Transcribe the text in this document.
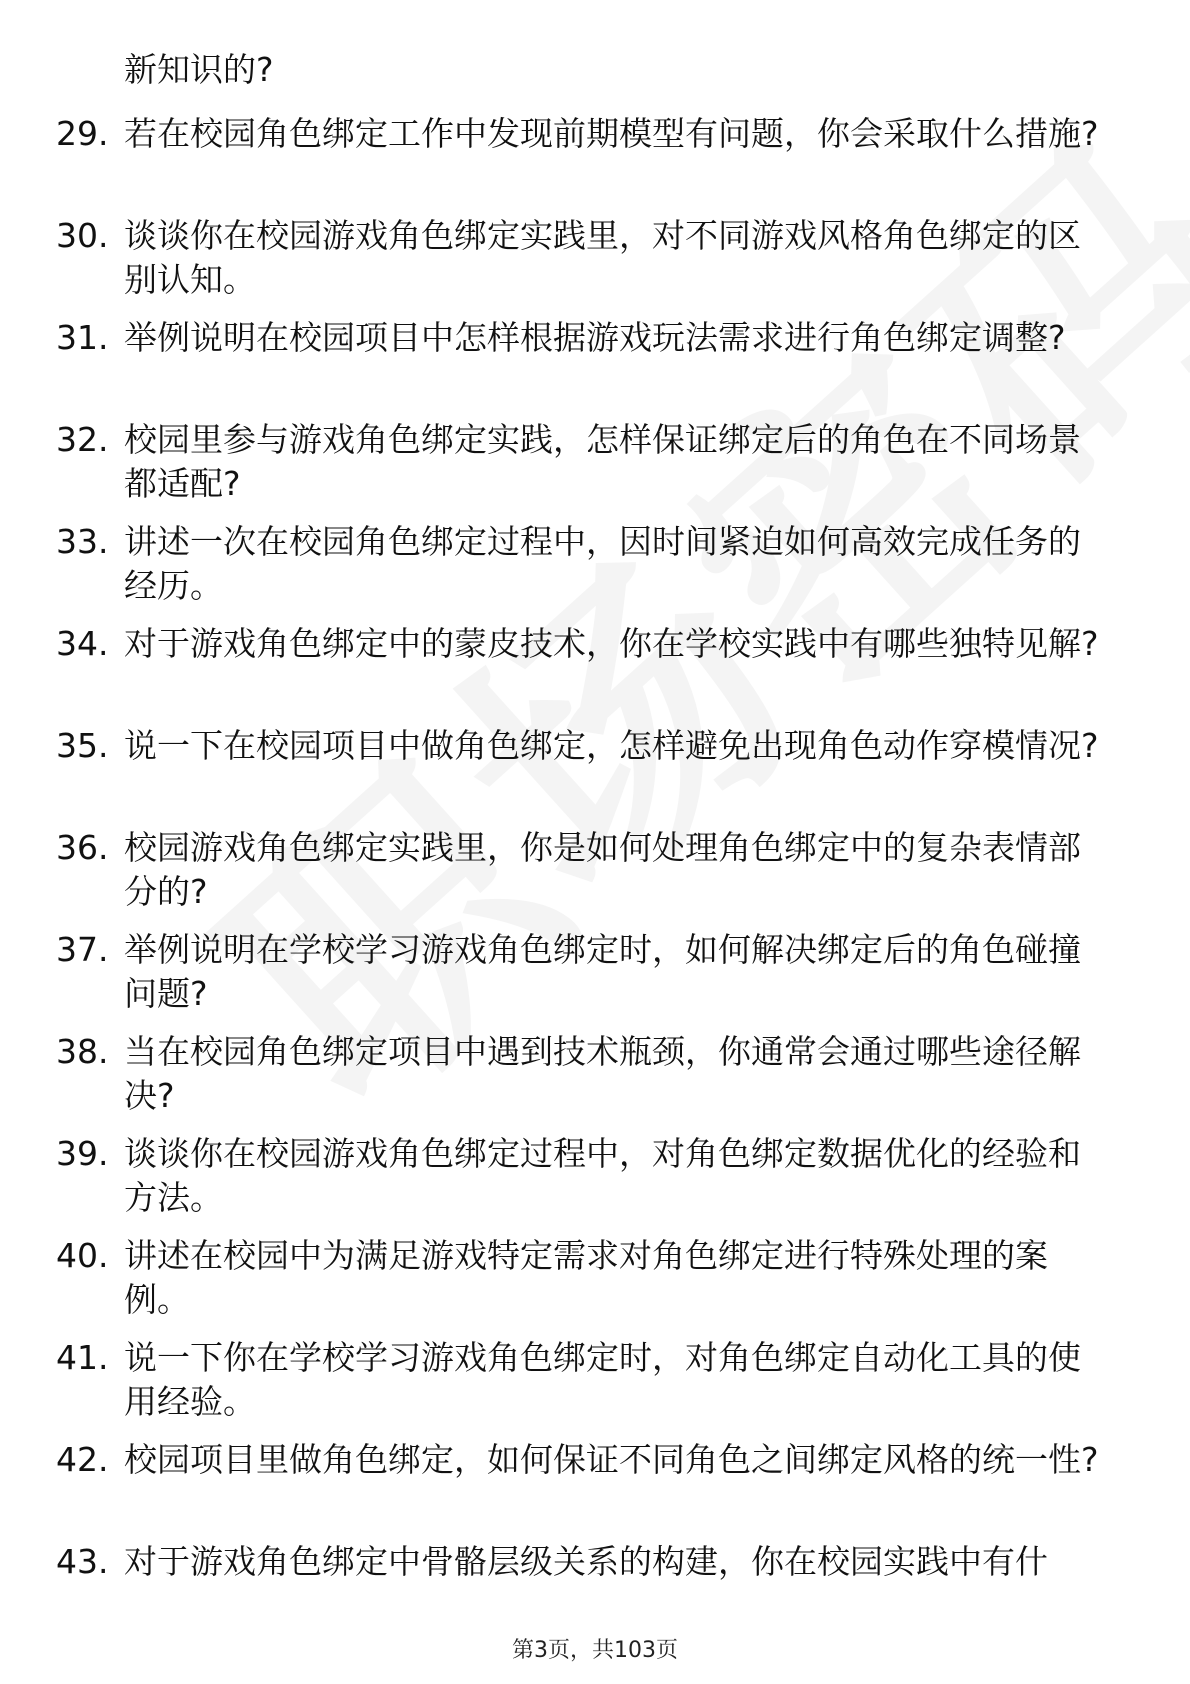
新知识的?

29. 若在校园角色绑定工作中发现前期模型有问题，你会采取什么措施?
30. 谈谈你在校园游戏角色绑定实践里，对不同游戏风格角色绑定的区别认知。
31. 举例说明在校园项目中怎样根据游戏玩法需求进行角色绑定调整?
32. 校园里参与游戏角色绑定实践，怎样保证绑定后的角色在不同场景都适配?
33. 讲述一次在校园角色绑定过程中，因时间紧迫如何高效完成任务的经历。
34. 对于游戏角色绑定中的蒙皮技术，你在学校实践中有哪些独特见解?
35. 说一下在校园项目中做角色绑定，怎样避免出现角色动作穿模情况?
36. 校园游戏角色绑定实践里，你是如何处理角色绑定中的复杂表情部分的?
37. 举例说明在学校学习游戏角色绑定时，如何解决绑定后的角色碰撞问题?
38. 当在校园角色绑定项目中遇到技术瓶颈，你通常会通过哪些途径解决?
39. 谈谈你在校园游戏角色绑定过程中，对角色绑定数据优化的经验和方法。
40. 讲述在校园中为满足游戏特定需求对角色绑定进行特殊处理的案例。
41. 说一下你在学校学习游戏角色绑定时，对角色绑定自动化工具的使用经验。
42. 校园项目里做角色绑定，如何保证不同角色之间绑定风格的统一性?
43. 对于游戏角色绑定中骨骼层级关系的构建，你在校园实践中有什
第3页，共103页
